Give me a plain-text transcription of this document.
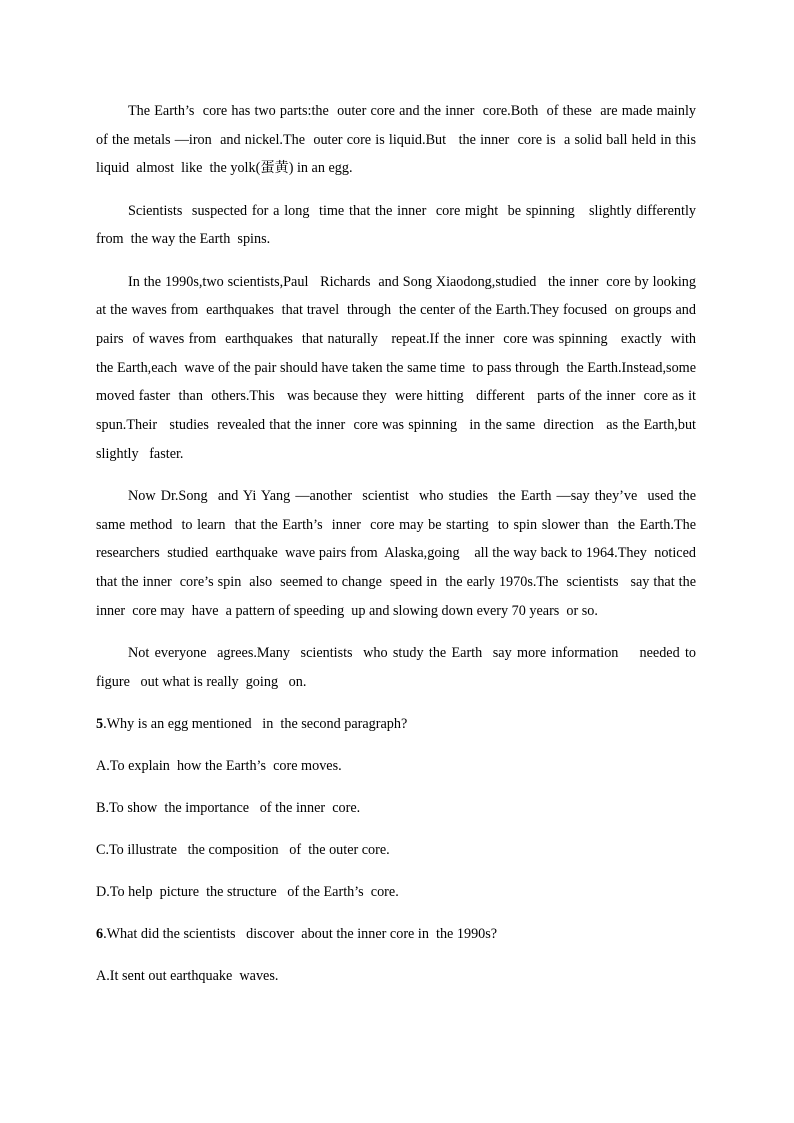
The Earth’s  core has two parts:the  outer core and the inner  core.Both  of these  are made mainly  of the metals —iron  and nickel.The  outer core is liquid.But   the inner  core is  a solid ball held in this liquid  almost  like  the yolk(蛋黄) in an egg.

Scientists  suspected for a long  time that the inner  core might  be spinning   slightly differently   from  the way the Earth  spins.

In the 1990s,two scientists,Paul   Richards  and Song Xiaodong,studied   the inner  core by looking  at the waves from  earthquakes  that travel  through  the center of the Earth.They focused  on groups and pairs  of waves from  earthquakes  that naturally   repeat.If the inner  core was spinning   exactly  with  the Earth,each  wave of the pair should have taken the same time  to pass through  the Earth.Instead,some    moved faster  than  others.This   was because they  were hitting   different   parts of the inner  core as it spun.Their   studies  revealed that the inner  core was spinning   in the same  direction   as the Earth,but  slightly   faster.

Now Dr.Song  and Yi Yang —another  scientist  who studies  the Earth —say they’ve  used the same method  to learn  that the Earth’s  inner  core may be starting  to spin slower than  the Earth.The   researchers  studied  earthquake  wave pairs from  Alaska,going    all the way back to 1964.They  noticed  that the inner  core’s spin  also  seemed to change  speed in  the early 1970s.The  scientists   say that the inner  core may  have  a pattern of speeding  up and slowing down every 70 years  or so.

Not everyone  agrees.Many  scientists  who study the Earth  say more information    needed to figure   out what is really  going   on.

5.Why is an egg mentioned   in  the second paragraph?

A.To explain  how the Earth’s  core moves.

B.To show  the importance   of the inner  core.

C.To illustrate   the composition   of  the outer core.

D.To help  picture  the structure   of the Earth’s  core.

6.What did the scientists   discover  about the inner core in  the 1990s?

A.It sent out earthquake  waves.
